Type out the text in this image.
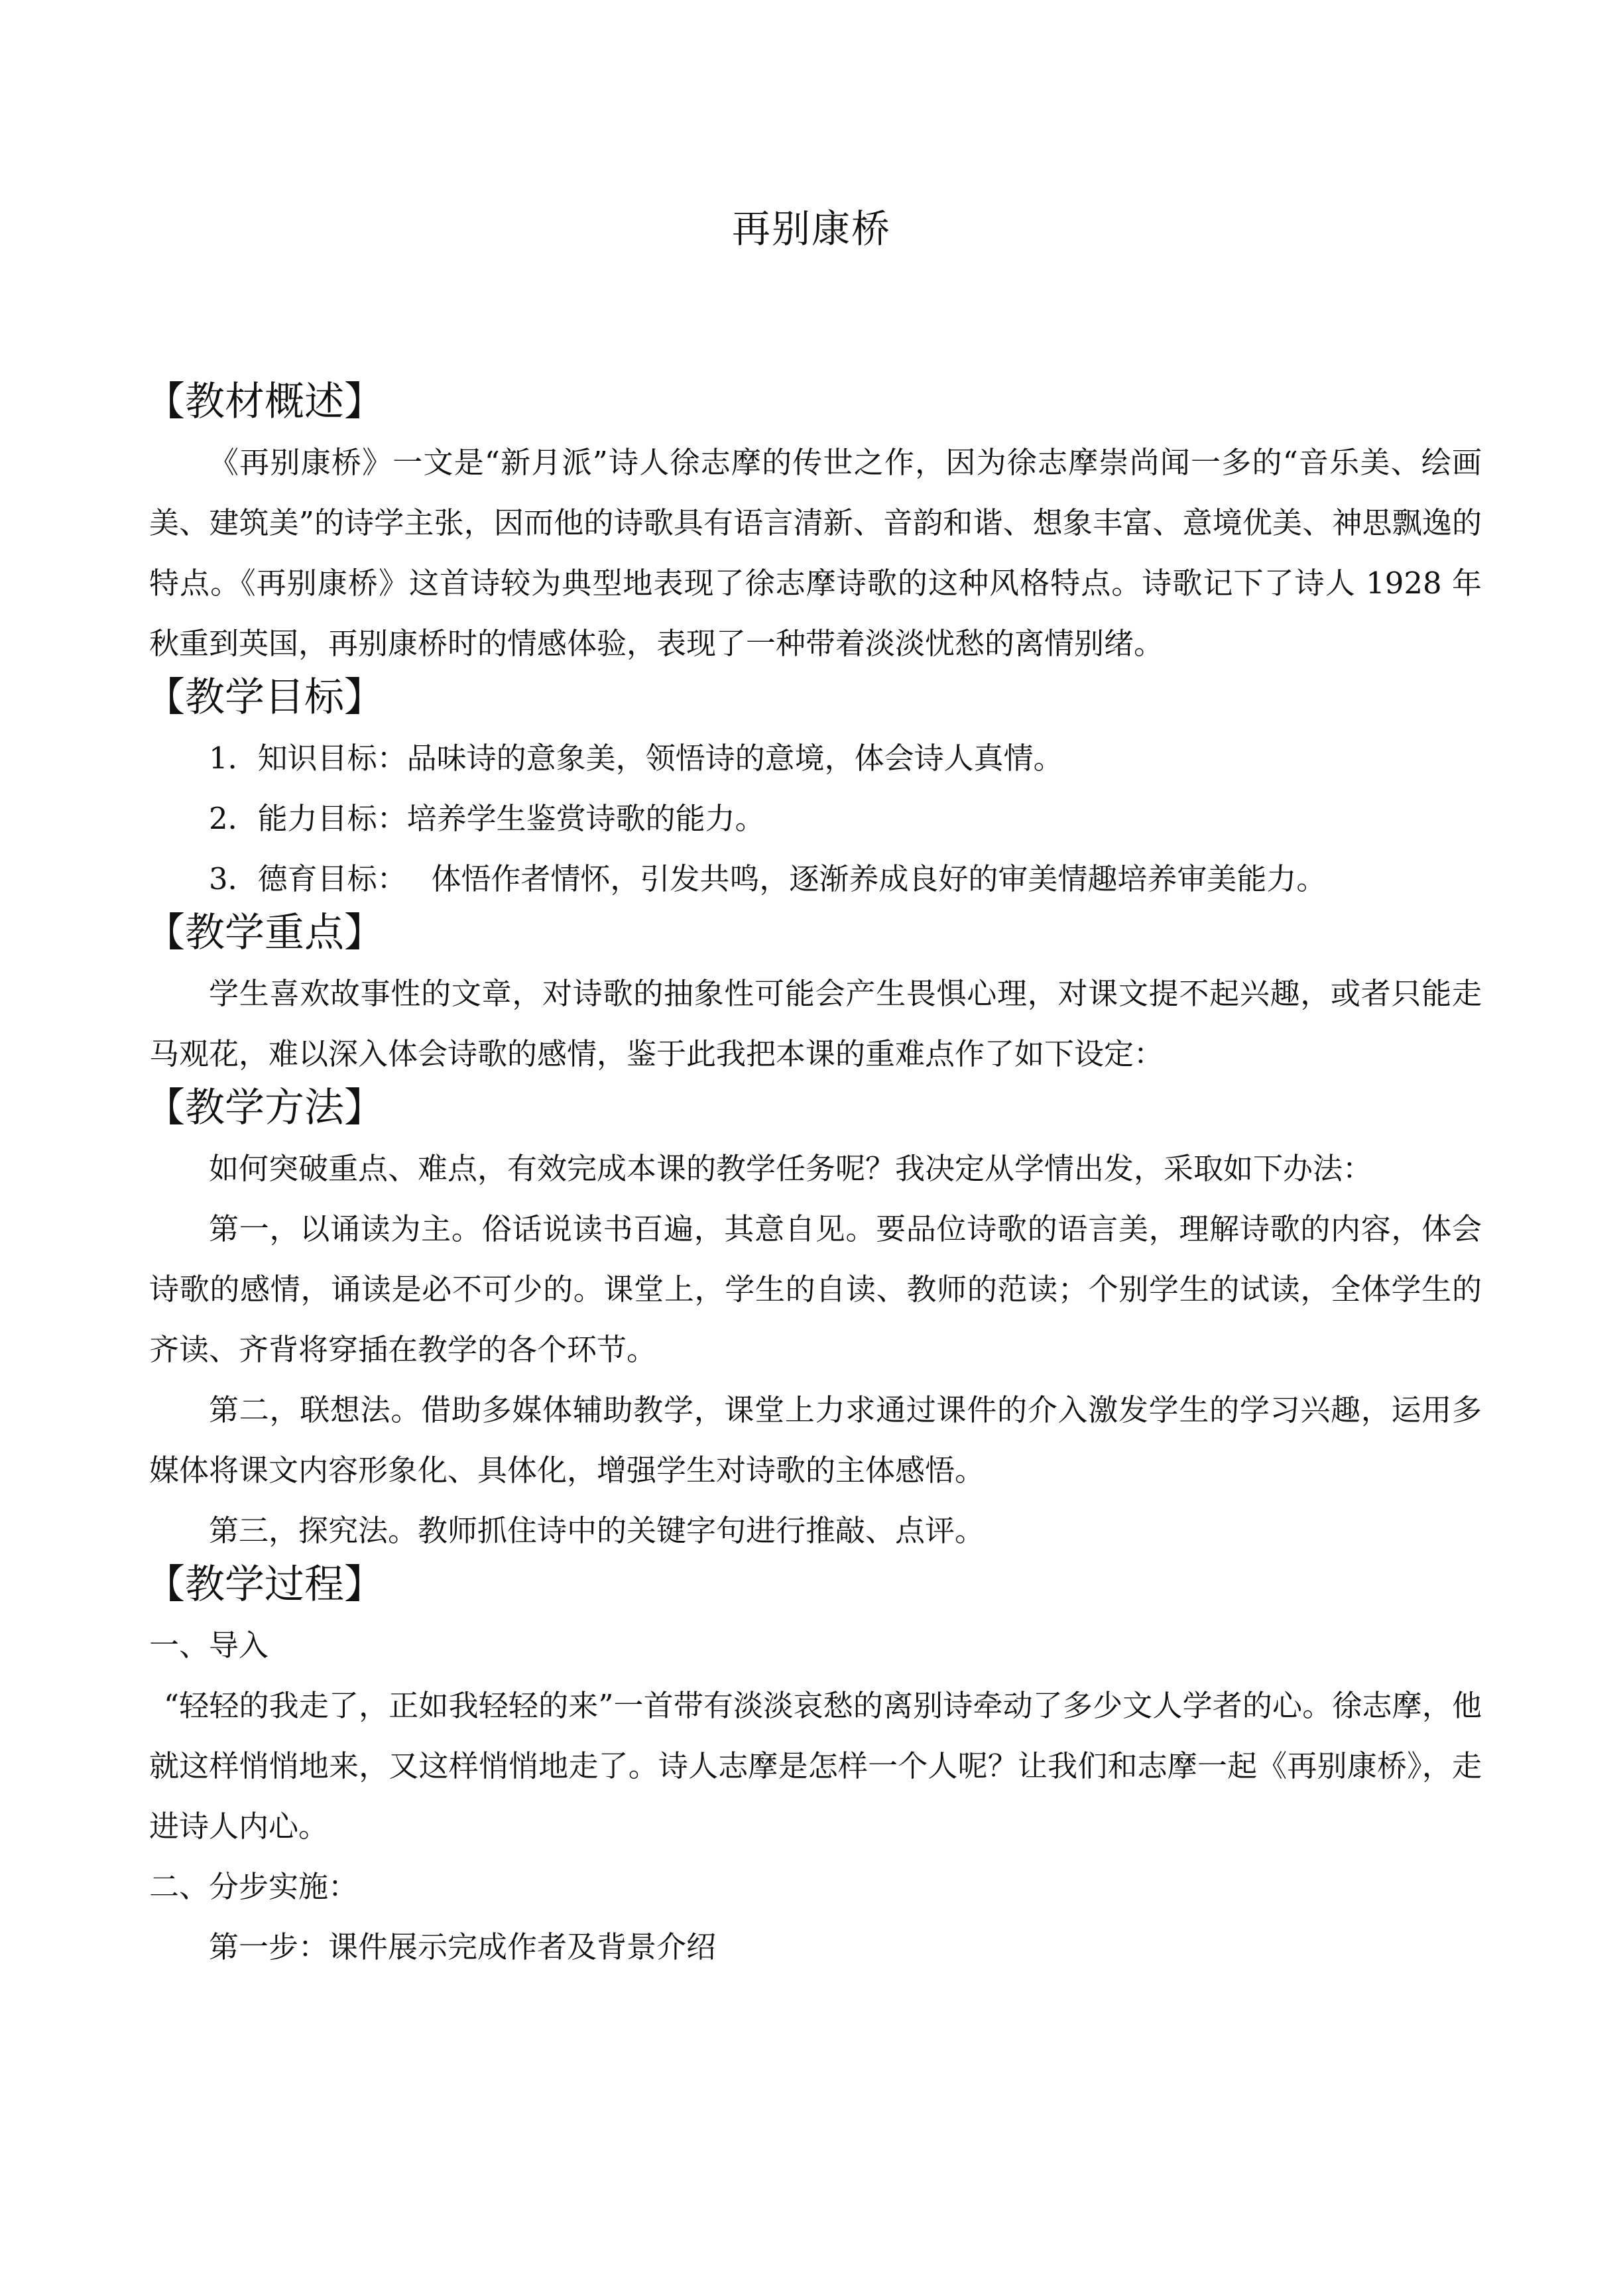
再别康桥
【教材概述】

《再别康桥》一文是“新月派”诗人徐志摩的传世之作，因为徐志摩崇尚闻一多的“音乐美、绘画美、建筑美”的诗学主张，因而他的诗歌具有语言清新、音韵和谐、想象丰富、意境优美、神思飘逸的特点。《再别康桥》这首诗较为典型地表现了徐志摩诗歌的这种风格特点。诗歌记下了诗人 1928 年秋重到英国，再别康桥时的情感体验，表现了一种带着淡淡忧愁的离情别绪。

【教学目标】

1．知识目标：品味诗的意象美，领悟诗的意境，体会诗人真情。

2．能力目标：培养学生鉴赏诗歌的能力。

3．德育目标：　 体悟作者情怀，引发共鸣，逐渐养成良好的审美情趣培养审美能力。

【教学重点】

学生喜欢故事性的文章，对诗歌的抽象性可能会产生畏惧心理，对课文提不起兴趣，或者只能走马观花，难以深入体会诗歌的感情，鉴于此我把本课的重难点作了如下设定：

【教学方法】

如何突破重点、难点，有效完成本课的教学任务呢？我决定从学情出发，采取如下办法：

第一，以诵读为主。俗话说读书百遍，其意自见。要品位诗歌的语言美，理解诗歌的内容，体会诗歌的感情，诵读是必不可少的。课堂上，学生的自读、教师的范读；个别学生的试读，全体学生的齐读、齐背将穿插在教学的各个环节。

第二，联想法。借助多媒体辅助教学，课堂上力求通过课件的介入激发学生的学习兴趣，运用多媒体将课文内容形象化、具体化，增强学生对诗歌的主体感悟。

第三，探究法。教师抓住诗中的关键字句进行推敲、点评。

【教学过程】

一、导入

“轻轻的我走了，正如我轻轻的来”一首带有淡淡哀愁的离别诗牵动了多少文人学者的心。徐志摩，他就这样悄悄地来，又这样悄悄地走了。诗人志摩是怎样一个人呢？让我们和志摩一起《再别康桥》，走进诗人内心。

二、分步实施：

第一步：课件展示完成作者及背景介绍
